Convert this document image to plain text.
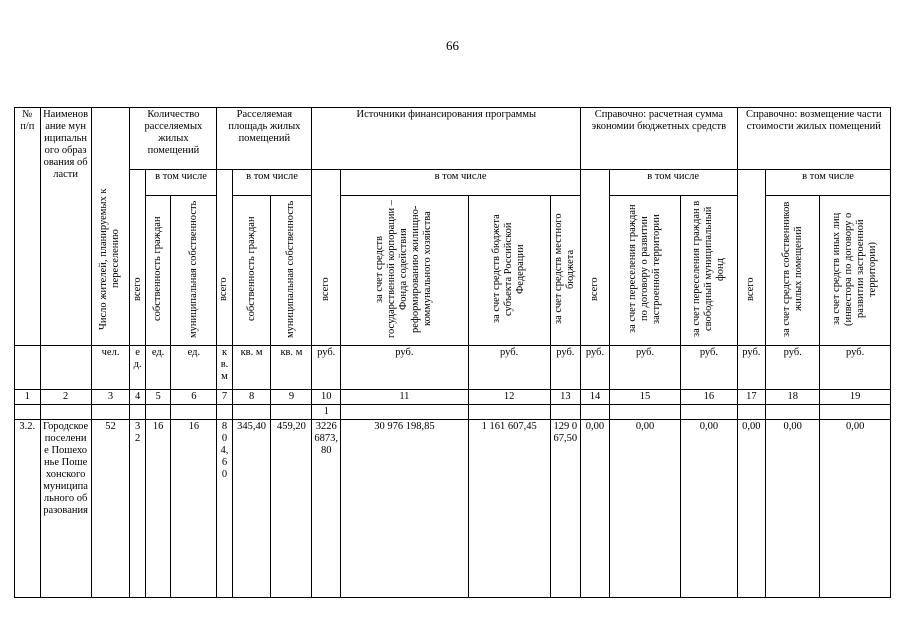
66
№ п/п	Наименование муниципального образования области	Число жителей, планируемых к переселению	Количество расселяемых жилых помещений			Расселяемая площадь жилых помещений			Источники финансирования программы				Справочно: расчетная сумма экономии бюджетных средств			Справочно: возмещение части стоимости жилых помещений		
			всего	в том числе		всего	в том числе		всего	в том числе			всего	в том числе		всего	в том числе	
				собственность граждан	муниципальная собственность		собственность граждан	муниципальная собственность		за счет средств государственной корпорации – Фонда содействия реформированию жилищно-коммунального хозяйства	за счет средств бюджета субъекта Российской Федерации	за счет средств местного бюджета		за счет переселения граждан по договору о развитии застроенной территории	за счет переселения граждан в свободный муниципальный фонд		за счет средств собственников жилых помещений	за счет средств иных лиц (инвестора по договору о развитии застроенной территории)
		чел.	ед.	ед.	ед.	кв. м	кв. м	кв. м	руб.	руб.	руб.	руб.	руб.	руб.	руб.	руб.	руб.	руб.
1	2	3	4	5	6	7	8	9	10	11	12	13	14	15	16	17	18	19
									1									
3.2.	Городское поселение Пошехонье Пошехонского муниципального образования	52	32	16	16	804,60	345,40	459,20	32266873,80	30 976 198,85	1 161 607,45	129 067,50	0,00	0,00	0,00	0,00	0,00	0,00
